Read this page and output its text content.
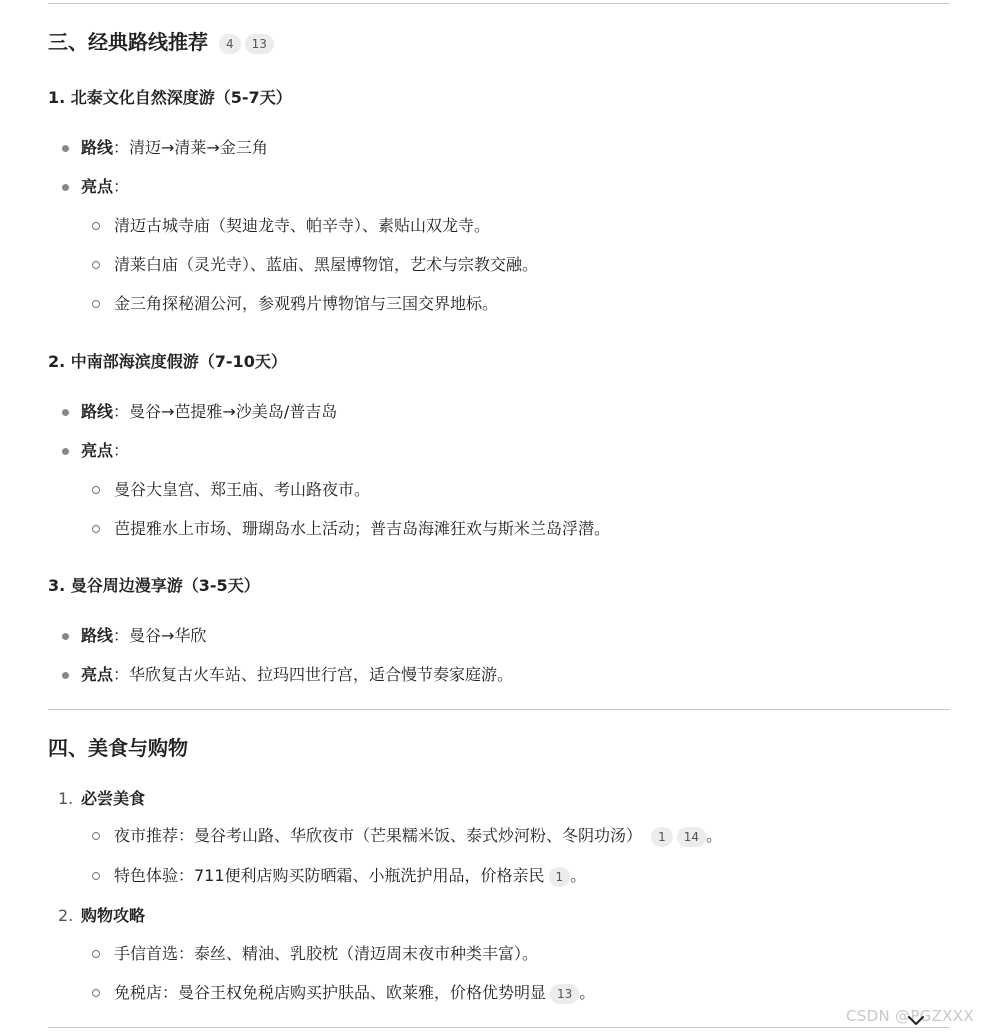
三、经典路线推荐 4 13
1. 北泰文化自然深度游（5-7天）
路线：清迈→清莱→金三角
亮点：
清迈古城寺庙（契迪龙寺、帕辛寺）、素贴山双龙寺。
清莱白庙（灵光寺）、蓝庙、黑屋博物馆，艺术与宗教交融。
金三角探秘湄公河，参观鸦片博物馆与三国交界地标。
2. 中南部海滨度假游（7-10天）
路线：曼谷→芭提雅→沙美岛/普吉岛
亮点：
曼谷大皇宫、郑王庙、考山路夜市。
芭提雅水上市场、珊瑚岛水上活动；普吉岛海滩狂欢与斯米兰岛浮潜。
3. 曼谷周边漫享游（3-5天）
路线：曼谷→华欣
亮点：华欣复古火车站、拉玛四世行宫，适合慢节奏家庭游。
四、美食与购物
1. 必尝美食
夜市推荐：曼谷考山路、华欣夜市（芒果糯米饭、泰式炒河粉、冬阴功汤） 1 14 。
特色体验：711便利店购买防晒霜、小瓶洗护用品，价格亲民 1 。
2. 购物攻略
手信首选：泰丝、精油、乳胶枕（清迈周末夜市种类丰富）。
免税店：曼谷王权免税店购买护肤品、欧莱雅，价格优势明显 13 。
CSDN @PGZXXX
